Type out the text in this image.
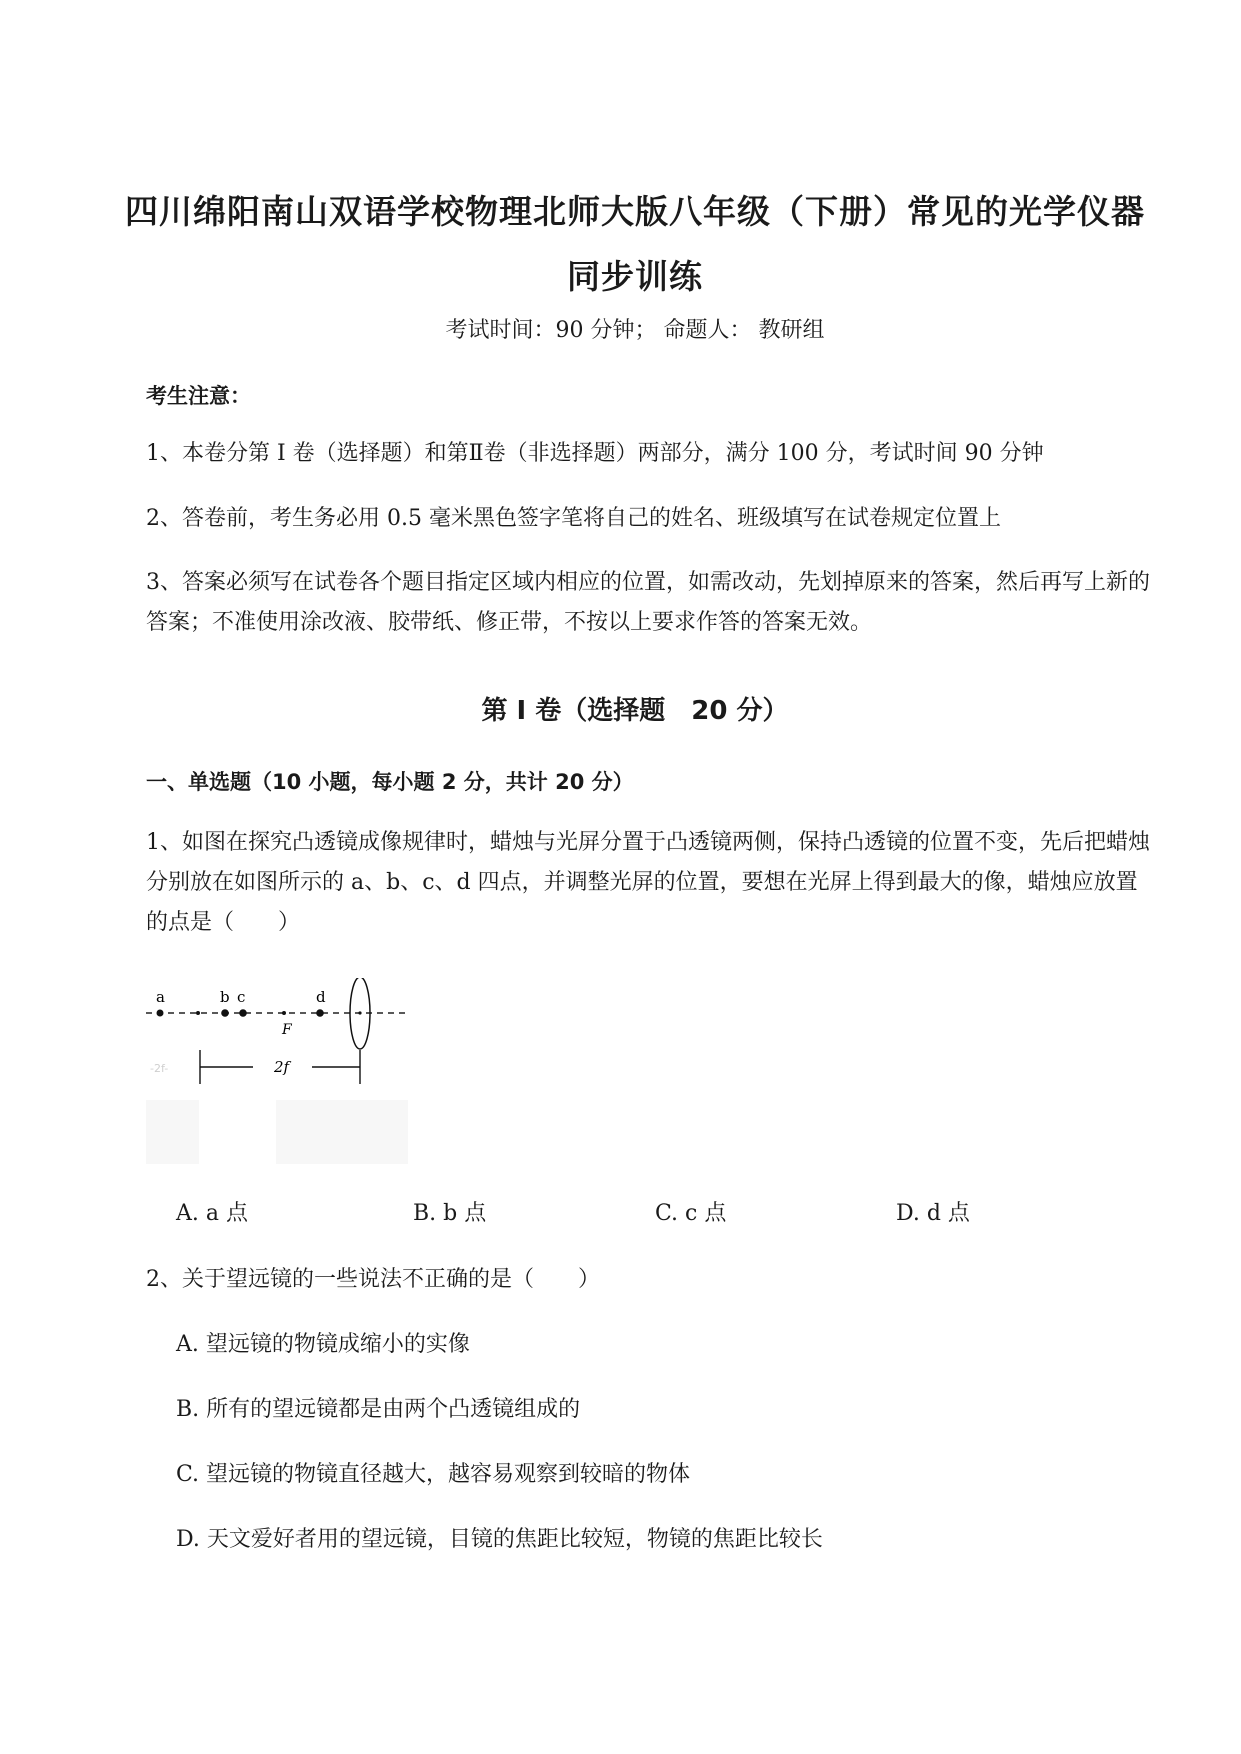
四川绵阳南山双语学校物理北师大版八年级（下册）常见的光学仪器
同步训练
考试时间：90 分钟； 命题人： 教研组
考生注意：
1、本卷分第 I 卷（选择题）和第Ⅱ卷（非选择题）两部分，满分 100 分，考试时间 90 分钟
2、答卷前，考生务必用 0.5 毫米黑色签字笔将自己的姓名、班级填写在试卷规定位置上
3、答案必须写在试卷各个题目指定区域内相应的位置，如需改动，先划掉原来的答案，然后再写上新的答案；不准使用涂改液、胶带纸、修正带，不按以上要求作答的答案无效。
第 I 卷（选择题　20 分）
一、单选题（10 小题，每小题 2 分，共计 20 分）
1、如图在探究凸透镜成像规律时，蜡烛与光屏分置于凸透镜两侧，保持凸透镜的位置不变，先后把蜡烛分别放在如图所示的 a、b、c、d 四点，并调整光屏的位置，要想在光屏上得到最大的像，蜡烛应放置的点是（　　）
a	b c	d
F
2f
-2f-
A. a 点	B. b 点	C. c 点	D. d 点
2、关于望远镜的一些说法不正确的是（　　）
A. 望远镜的物镜成缩小的实像
B. 所有的望远镜都是由两个凸透镜组成的
C. 望远镜的物镜直径越大，越容易观察到较暗的物体
D. 天文爱好者用的望远镜，目镜的焦距比较短，物镜的焦距比较长
